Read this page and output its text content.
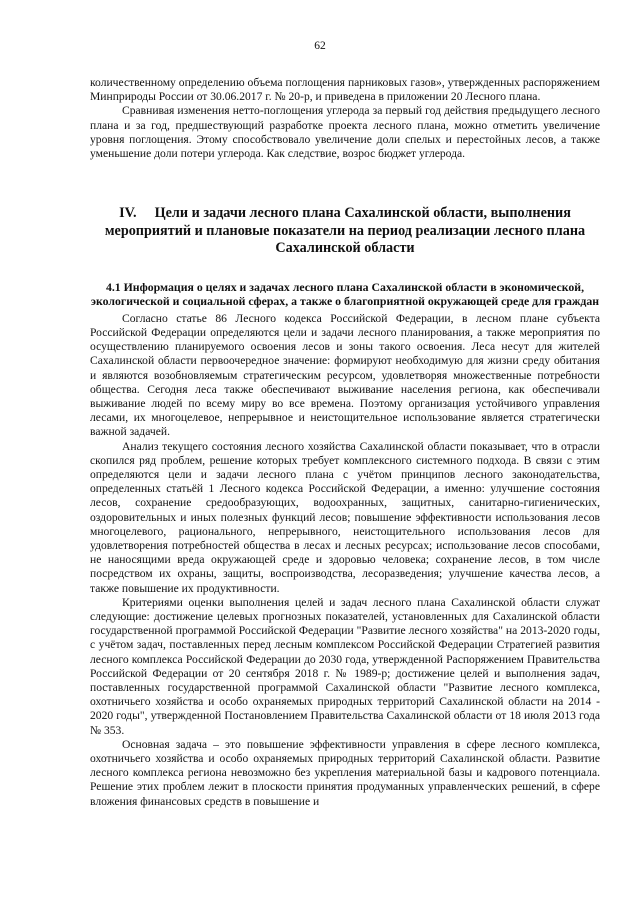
62

количественному определению объема поглощения парниковых газов», утвержденных распоряжением Минприроды России от 30.06.2017 г. № 20-р, и приведена в приложении 20 Лесного плана.

Сравнивая изменения нетто-поглощения углерода за первый год действия предыдущего лесного плана и за год, предшествующий разработке проекта лесного плана, можно отметить увеличение уровня поглощения. Этому способствовало увеличение доли спелых и перестойных лесов, а также уменьшение доли потери углерода. Как следствие, возрос бюджет углерода.

IV. Цели и задачи лесного плана Сахалинской области, выполнения мероприятий и плановые показатели на период реализации лесного плана Сахалинской области
4.1 Информация о целях и задачах лесного плана Сахалинской области в экономической, экологической и социальной сферах, а также о благоприятной окружающей среде для граждан

Согласно статье 86 Лесного кодекса Российской Федерации, в лесном плане субъекта Российской Федерации определяются цели и задачи лесного планирования, а также мероприятия по осуществлению планируемого освоения лесов и зоны такого освоения. Леса несут для жителей Сахалинской области первоочередное значение: формируют необходимую для жизни среду обитания и являются возобновляемым стратегическим ресурсом, удовлетворяя множественные потребности общества. Сегодня леса также обеспечивают выживание населения региона, как обеспечивали выживание людей по всему миру во все времена. Поэтому организация устойчивого управления лесами, их многоцелевое, непрерывное и неистощительное использование является стратегически важной задачей.

Анализ текущего состояния лесного хозяйства Сахалинской области показывает, что в отрасли скопился ряд проблем, решение которых требует комплексного системного подхода. В связи с этим определяются цели и задачи лесного плана с учётом принципов лесного законодательства, определенных статьёй 1 Лесного кодекса Российской Федерации, а именно: улучшение состояния лесов, сохранение средообразующих, водоохранных, защитных, санитарно-гигиенических, оздоровительных и иных полезных функций лесов; повышение эффективности использования лесов многоцелевого, рационального, непрерывного, неистощительного использования лесов для удовлетворения потребностей общества в лесах и лесных ресурсах; использование лесов способами, не наносящими вреда окружающей среде и здоровью человека; сохранение лесов, в том числе посредством их охраны, защиты, воспроизводства, лесоразведения; улучшение качества лесов, а также повышение их продуктивности.

Критериями оценки выполнения целей и задач лесного плана Сахалинской области служат следующие: достижение целевых прогнозных показателей, установленных для Сахалинской области государственной программой Российской Федерации "Развитие лесного хозяйства" на 2013-2020 годы, с учётом задач, поставленных перед лесным комплексом Российской Федерации Стратегией развития лесного комплекса Российской Федерации до 2030 года, утвержденной Распоряжением Правительства Российской Федерации от 20 сентября 2018 г. № 1989-р; достижение целей и выполнения задач, поставленных государственной программой Сахалинской области "Развитие лесного комплекса, охотничьего хозяйства и особо охраняемых природных территорий Сахалинской области на 2014 - 2020 годы", утвержденной Постановлением Правительства Сахалинской области от 18 июля 2013 года № 353.

Основная задача – это повышение эффективности управления в сфере лесного комплекса, охотничьего хозяйства и особо охраняемых природных территорий Сахалинской области. Развитие лесного комплекса региона невозможно без укрепления материальной базы и кадрового потенциала. Решение этих проблем лежит в плоскости принятия продуманных управленческих решений, в сфере вложения финансовых средств в повышение и
